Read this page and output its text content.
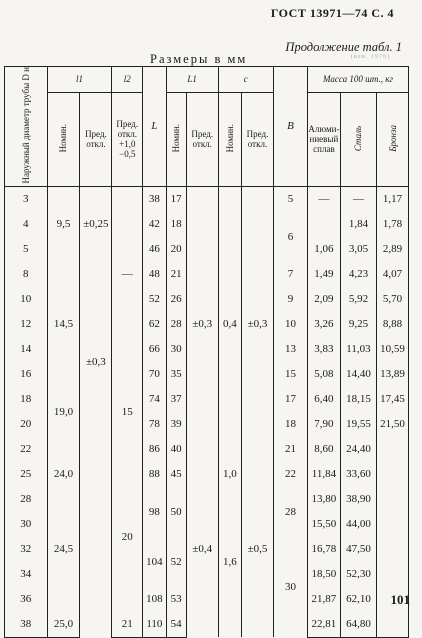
ГОСТ 13971—74 С. 4
Продолжение табл. 1
(изм. 1976)
Размеры в мм
Наружный диаметр трубы D н	l1		l2	L	L1		c		B	Масса 100 шт., кг		
	Номин.	Пред. откл.	Пред. откл. +1,0 −0,5		Номин.	Пред. откл.	Номин.	Пред. откл.		Алюми- ниевый сплав	Сталь	Бронза
3	9,5	±0,25	—	38	17	±0,3	0,4	±0,3	5	—	—	1,17
4				42	18				6		1,84	1,78
5				46	20					1,06	3,05	2,89
8		±0,3		48	21				7	1,49	4,23	4,07
10	14,5			52	26				9	2,09	5,92	5,70
12				62	28				10	3,26	9,25	8,88
14				66	30				13	3,83	11,03	10,59
16	19,0		15	70	35				15	5,08	14,40	13,89
18				74	37				17	6,40	18,15	17,45
20				78	39				18	7,90	19,55	21,50
22				86	40				21	8,60	24,40	
25	24,0		20	88	45	±0,4	1,0	±0,5	22	11,84	33,60	
28	24,5			98	50		1,6		28	13,80	38,90	
30										15,50	44,00	
32				104	52				30	16,78	47,50	
34										18,50	52,30	
36				108	53					21,87	62,10	
38	25,0		21	110	54					22,81	64,80	
101
